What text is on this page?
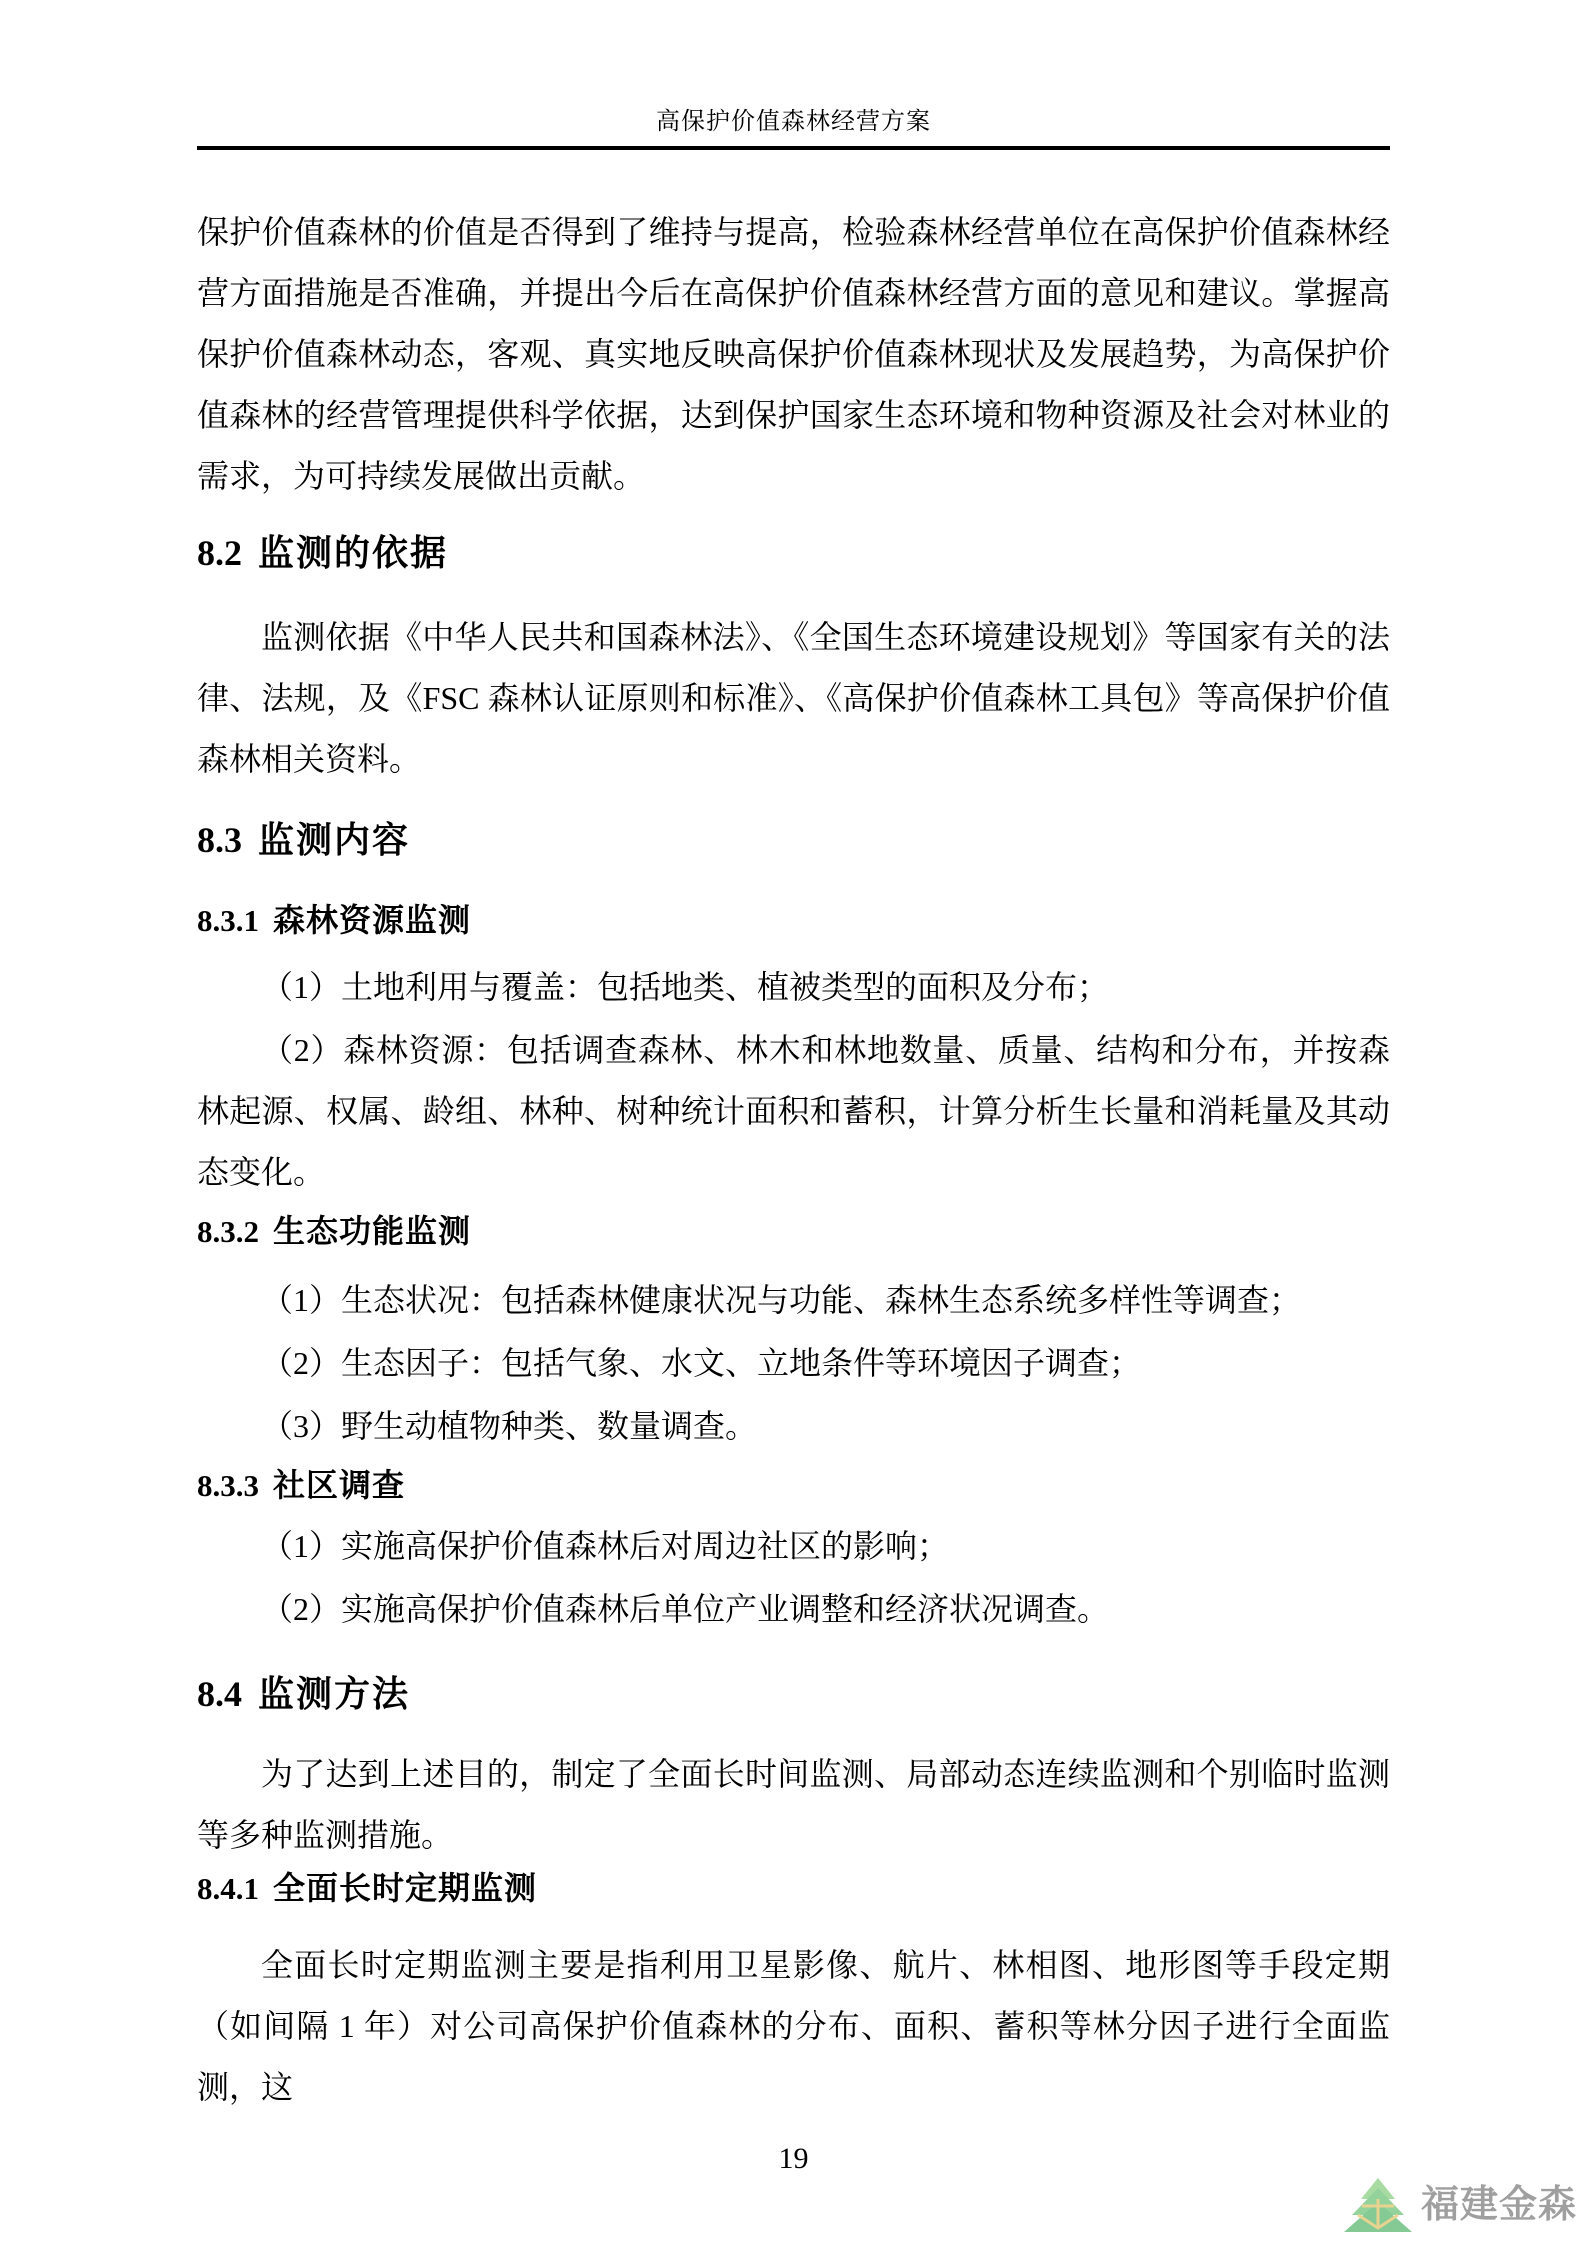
高保护价值森林经营方案

保护价值森林的价值是否得到了维持与提高，检验森林经营单位在高保护价值森林经营方面措施是否准确，并提出今后在高保护价值森林经营方面的意见和建议。掌握高保护价值森林动态，客观、真实地反映高保护价值森林现状及发展趋势，为高保护价值森林的经营管理提供科学依据，达到保护国家生态环境和物种资源及社会对林业的需求，为可持续发展做出贡献。

8.2 监测的依据

监测依据《中华人民共和国森林法》、《全国生态环境建设规划》等国家有关的法律、法规，及《FSC 森林认证原则和标准》、《高保护价值森林工具包》等高保护价值森林相关资料。

8.3 监测内容
8.3.1 森林资源监测

（1）土地利用与覆盖：包括地类、植被类型的面积及分布；

（2）森林资源：包括调查森林、林木和林地数量、质量、结构和分布，并按森林起源、权属、龄组、林种、树种统计面积和蓄积，计算分析生长量和消耗量及其动态变化。

8.3.2 生态功能监测

（1）生态状况：包括森林健康状况与功能、森林生态系统多样性等调查；

（2）生态因子：包括气象、水文、立地条件等环境因子调查；

（3）野生动植物种类、数量调查。

8.3.3 社区调查

（1）实施高保护价值森林后对周边社区的影响；

（2）实施高保护价值森林后单位产业调整和经济状况调查。

8.4 监测方法

为了达到上述目的，制定了全面长时间监测、局部动态连续监测和个别临时监测等多种监测措施。

8.4.1 全面长时定期监测

全面长时定期监测主要是指利用卫星影像、航片、林相图、地形图等手段定期（如间隔 1 年）对公司高保护价值森林的分布、面积、蓄积等林分因子进行全面监测，这

19
福建金森
